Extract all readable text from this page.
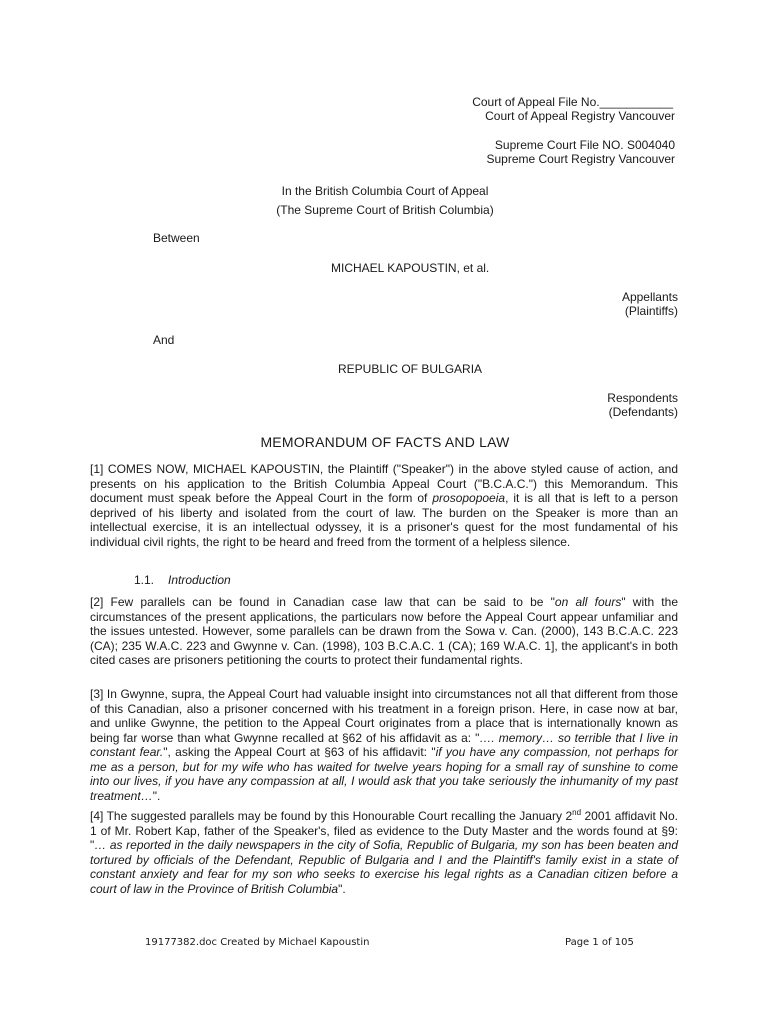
Court of Appeal File No.___________
Court of Appeal Registry Vancouver
Supreme Court File NO. S004040
Supreme Court Registry Vancouver
In the British Columbia Court of Appeal
(The Supreme Court of British Columbia)
Between
MICHAEL KAPOUSTIN, et al.
Appellants
(Plaintiffs)
And
REPUBLIC OF BULGARIA
Respondents
(Defendants)
MEMORANDUM OF FACTS AND LAW
[1] COMES NOW, MICHAEL KAPOUSTIN, the Plaintiff ("Speaker") in the above styled cause of action, and presents on his application to the British Columbia Appeal Court ("B.C.A.C.") this Memorandum. This document must speak before the Appeal Court in the form of prosopopoeia, it is all that is left to a person deprived of his liberty and isolated from the court of law. The burden on the Speaker is more than an intellectual exercise, it is an intellectual odyssey, it is a prisoner's quest for the most fundamental of his individual civil rights, the right to be heard and freed from the torment of a helpless silence.
1.1. Introduction
[2] Few parallels can be found in Canadian case law that can be said to be "on all fours" with the circumstances of the present applications, the particulars now before the Appeal Court appear unfamiliar and the issues untested. However, some parallels can be drawn from the Sowa v. Can. (2000), 143 B.C.A.C. 223 (CA); 235 W.A.C. 223 and Gwynne v. Can. (1998), 103 B.C.A.C. 1 (CA); 169 W.A.C. 1], the applicant's in both cited cases are prisoners petitioning the courts to protect their fundamental rights.
[3] In Gwynne, supra, the Appeal Court had valuable insight into circumstances not all that different from those of this Canadian, also a prisoner concerned with his treatment in a foreign prison. Here, in case now at bar, and unlike Gwynne, the petition to the Appeal Court originates from a place that is internationally known as being far worse than what Gwynne recalled at §62 of his affidavit as a: "…. memory… so terrible that I live in constant fear.", asking the Appeal Court at §63 of his affidavit: "if you have any compassion, not perhaps for me as a person, but for my wife who has waited for twelve years hoping for a small ray of sunshine to come into our lives, if you have any compassion at all, I would ask that you take seriously the inhumanity of my past treatment…".
[4] The suggested parallels may be found by this Honourable Court recalling the January 2nd 2001 affidavit No. 1 of Mr. Robert Kap, father of the Speaker's, filed as evidence to the Duty Master and the words found at §9: "… as reported in the daily newspapers in the city of Sofia, Republic of Bulgaria, my son has been beaten and tortured by officials of the Defendant, Republic of Bulgaria and I and the Plaintiff's family exist in a state of constant anxiety and fear for my son who seeks to exercise his legal rights as a Canadian citizen before a court of law in the Province of British Columbia".
19177382.doc Created by Michael Kapoustin	Page 1 of 105
